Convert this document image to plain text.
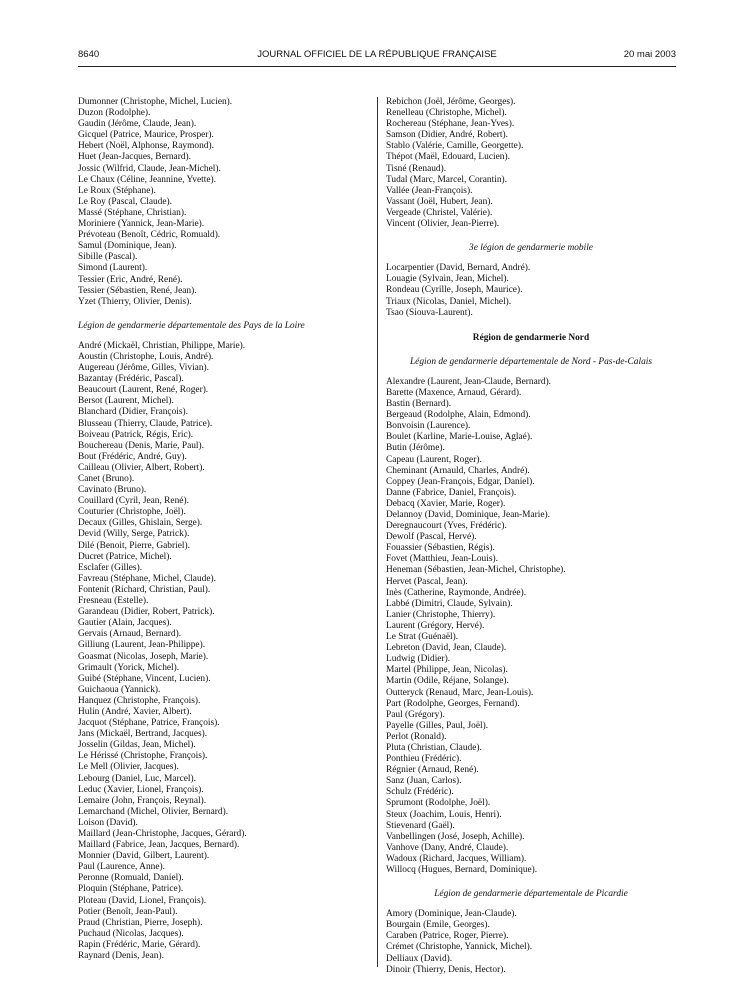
8640	JOURNAL OFFICIEL DE LA RÉPUBLIQUE FRANÇAISE	20 mai 2003
Dumonner (Christophe, Michel, Lucien).
Duzon (Rodolphe).
Gaudin (Jérôme, Claude, Jean).
Gicquel (Patrice, Maurice, Prosper).
Hebert (Noël, Alphonse, Raymond).
Huet (Jean-Jacques, Bernard).
Jossic (Wilfrid, Claude, Jean-Michel).
Le Chaux (Céline, Jeannine, Yvette).
Le Roux (Stéphane).
Le Roy (Pascal, Claude).
Massé (Stéphane, Christian).
Moriniere (Yannick, Jean-Marie).
Prévoteau (Benoît, Cédric, Romuald).
Samul (Dominique, Jean).
Sibille (Pascal).
Simond (Laurent).
Tessier (Eric, André, René).
Tessier (Sébastien, René, Jean).
Yzet (Thierry, Olivier, Denis).
Légion de gendarmerie départementale des Pays de la Loire
André (Mickaël, Christian, Philippe, Marie).
Aoustin (Christophe, Louis, André).
Augereau (Jérôme, Gilles, Vivian).
Bazantay (Frédéric, Pascal).
Beaucourt (Laurent, René, Roger).
Bersot (Laurent, Michel).
Blanchard (Didier, François).
Blusseau (Thierry, Claude, Patrice).
Boiveau (Patrick, Régis, Eric).
Bouchereau (Denis, Marie, Paul).
Bout (Frédéric, André, Guy).
Cailleau (Olivier, Albert, Robert).
Canet (Bruno).
Cavinato (Bruno).
Couillard (Cyril, Jean, René).
Couturier (Christophe, Joël).
Decaux (Gilles, Ghislain, Serge).
Devid (Willy, Serge, Patrick).
Dilé (Benoit, Pierre, Gabriel).
Ducret (Patrice, Michel).
Esclafer (Gilles).
Favreau (Stéphane, Michel, Claude).
Fontenit (Richard, Christian, Paul).
Fresneau (Estelle).
Garandeau (Didier, Robert, Patrick).
Gautier (Alain, Jacques).
Gervais (Arnaud, Bernard).
Gilliung (Laurent, Jean-Philippe).
Goasmat (Nicolas, Joseph, Marie).
Grimault (Yorick, Michel).
Guibé (Stéphane, Vincent, Lucien).
Guichaoua (Yannick).
Hanquez (Christophe, François).
Hulin (André, Xavier, Albert).
Jacquot (Stéphane, Patrice, François).
Jans (Mickaël, Bertrand, Jacques).
Josselin (Gildas, Jean, Michel).
Le Hérissé (Christophe, François).
Le Mell (Olivier, Jacques).
Lebourg (Daniel, Luc, Marcel).
Leduc (Xavier, Lionel, François).
Lemaire (John, François, Reynal).
Lemarchand (Michel, Olivier, Bernard).
Loison (David).
Maillard (Jean-Christophe, Jacques, Gérard).
Maillard (Fabrice, Jean, Jacques, Bernard).
Monnier (David, Gilbert, Laurent).
Paul (Laurence, Anne).
Peronne (Romuald, Daniel).
Ploquin (Stéphane, Patrice).
Ploteau (David, Lionel, François).
Potier (Benoît, Jean-Paul).
Praud (Christian, Pierre, Joseph).
Puchaud (Nicolas, Jacques).
Rapin (Frédéric, Marie, Gérard).
Raynard (Denis, Jean).
Rebichon (Joël, Jérôme, Georges).
Renelleau (Christophe, Michel).
Rochereau (Stéphane, Jean-Yves).
Samson (Didier, André, Robert).
Stablo (Valérie, Camille, Georgette).
Thépot (Maël, Edouard, Lucien).
Tisné (Renaud).
Tudal (Marc, Marcel, Corantin).
Vallée (Jean-François).
Vassant (Joël, Hubert, Jean).
Vergeade (Christel, Valérie).
Vincent (Olivier, Jean-Pierre).
3e légion de gendarmerie mobile
Locarpentier (David, Bernard, André).
Louagie (Sylvain, Jean, Michel).
Rondeau (Cyrille, Joseph, Maurice).
Triaux (Nicolas, Daniel, Michel).
Tsao (Siouva-Laurent).
Région de gendarmerie Nord
Légion de gendarmerie départementale de Nord - Pas-de-Calais
Alexandre (Laurent, Jean-Claude, Bernard).
Barette (Maxence, Arnaud, Gérard).
Bastin (Bernard).
Bergeaud (Rodolphe, Alain, Edmond).
Bonvoisin (Laurence).
Boulet (Karline, Marie-Louise, Aglaé).
Butin (Jérôme).
Capeau (Laurent, Roger).
Cheminant (Arnauld, Charles, André).
Coppey (Jean-François, Edgar, Daniel).
Danne (Fabrice, Daniel, François).
Debacq (Xavier, Marie, Roger).
Delannoy (David, Dominique, Jean-Marie).
Deregnaucourt (Yves, Frédéric).
Dewolf (Pascal, Hervé).
Fouassier (Sébastien, Régis).
Fovet (Matthieu, Jean-Louis).
Heneman (Sébastien, Jean-Michel, Christophe).
Hervet (Pascal, Jean).
Inès (Catherine, Raymonde, Andrée).
Labbé (Dimitri, Claude, Sylvain).
Lanier (Christophe, Thierry).
Laurent (Grégory, Hervé).
Le Strat (Guénaël).
Lebreton (David, Jean, Claude).
Ludwig (Didier).
Martel (Philippe, Jean, Nicolas).
Martin (Odile, Réjane, Solange).
Outteryck (Renaud, Marc, Jean-Louis).
Part (Rodolphe, Georges, Fernand).
Paul (Grégory).
Payelle (Gilles, Paul, Joël).
Perlot (Ronald).
Pluta (Christian, Claude).
Ponthieu (Frédéric).
Régnier (Arnaud, René).
Sanz (Juan, Carlos).
Schulz (Frédéric).
Sprumont (Rodolphe, Joël).
Steux (Joachim, Louis, Henri).
Stievenard (Gaël).
Vanbellingen (José, Joseph, Achille).
Vanhove (Dany, André, Claude).
Wadoux (Richard, Jacques, William).
Willocq (Hugues, Bernard, Dominique).
Légion de gendarmerie départementale de Picardie
Amory (Dominique, Jean-Claude).
Bourgain (Emile, Georges).
Caraben (Patrice, Roger, Pierre).
Crémet (Christophe, Yannick, Michel).
Delliaux (David).
Dinoir (Thierry, Denis, Hector).
